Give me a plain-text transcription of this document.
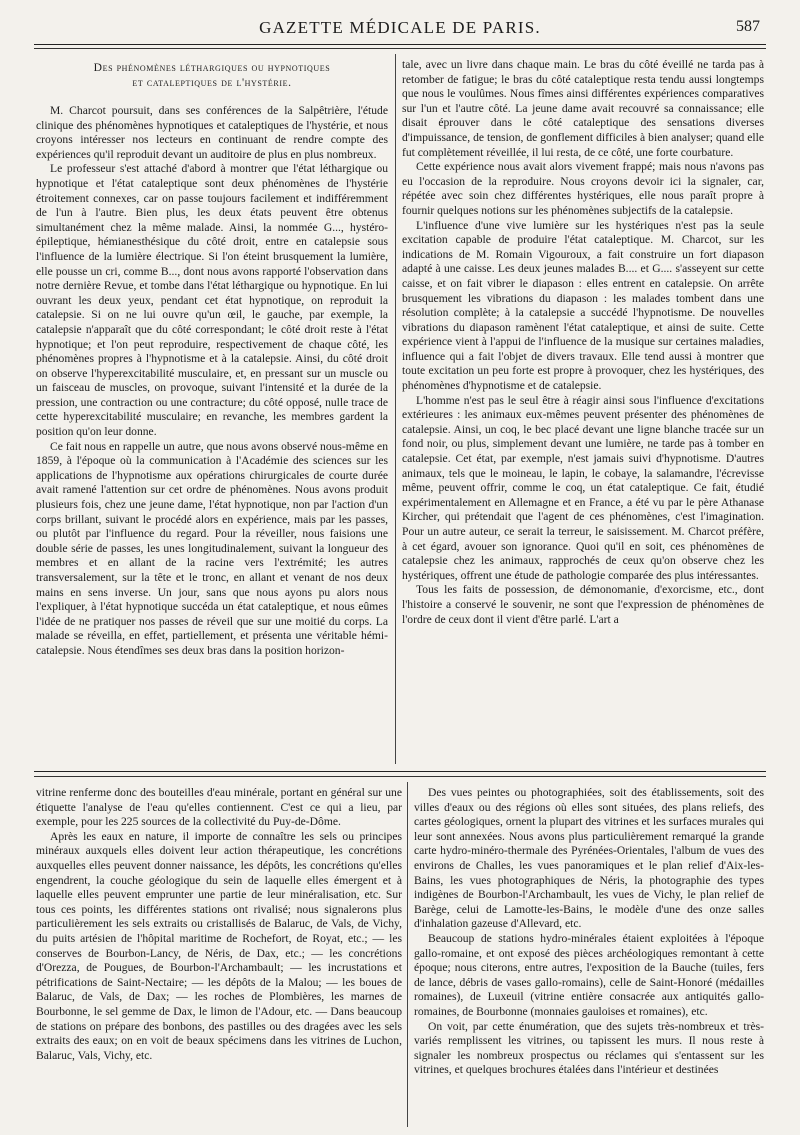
GAZETTE MÉDICALE DE PARIS.	587
Des phénomènes léthargiques ou hypnotiques
et cataleptiques de l'hystérie.

M. Charcot poursuit, dans ses conférences de la Salpêtrière, l'étude clinique des phénomènes hypnotiques et cataleptiques de l'hystérie, et nous croyons intéresser nos lecteurs en continuant de rendre compte des expériences qu'il reproduit devant un auditoire de plus en plus nombreux.

Le professeur s'est attaché d'abord à montrer que l'état léthargique ou hypnotique et l'état cataleptique sont deux phénomènes de l'hystérie étroitement connexes, car on passe toujours facilement et indifféremment de l'un à l'autre. Bien plus, les deux états peuvent être obtenus simultanément chez la même malade. Ainsi, la nommée G..., hystéro-épileptique, hémianesthésique du côté droit, entre en catalepsie sous l'influence de la lumière électrique. Si l'on éteint brusquement la lumière, elle pousse un cri, comme B..., dont nous avons rapporté l'observation dans notre dernière Revue, et tombe dans l'état léthargique ou hypnotique. En lui ouvrant les deux yeux, pendant cet état hypnotique, on reproduit la catalepsie. Si on ne lui ouvre qu'un œil, le gauche, par exemple, la catalepsie n'apparaît que du côté correspondant; le côté droit reste à l'état hypnotique; et l'on peut reproduire, respectivement de chaque côté, les phénomènes propres à l'hypnotisme et à la catalepsie. Ainsi, du côté droit on observe l'hyperexcitabilité musculaire, et, en pressant sur un muscle ou un faisceau de muscles, on provoque, suivant l'intensité et la durée de la pression, une contraction ou une contracture; du côté opposé, nulle trace de cette hyperexcitabilité musculaire; en revanche, les membres gardent la position qu'on leur donne.

Ce fait nous en rappelle un autre, que nous avons observé nous-même en 1859, à l'époque où la communication à l'Académie des sciences sur les applications de l'hypnotisme aux opérations chirurgicales de courte durée avait ramené l'attention sur cet ordre de phénomènes. Nous avons produit plusieurs fois, chez une jeune dame, l'état hypnotique, non par l'action d'un corps brillant, suivant le procédé alors en expérience, mais par les passes, ou plutôt par l'influence du regard. Pour la réveiller, nous faisions une double série de passes, les unes longitudinalement, suivant la longueur des membres et en allant de la racine vers l'extrémité; les autres transversalement, sur la tête et le tronc, en allant et venant de nos deux mains en sens inverse. Un jour, sans que nous ayons pu alors nous l'expliquer, à l'état hypnotique succéda un état cataleptique, et nous eûmes l'idée de ne pratiquer nos passes de réveil que sur une moitié du corps. La malade se réveilla, en effet, partiellement, et présenta une véritable hémi-catalepsie. Nous étendîmes ses deux bras dans la position horizon-

tale, avec un livre dans chaque main. Le bras du côté éveillé ne tarda pas à retomber de fatigue; le bras du côté cataleptique resta tendu aussi longtemps que nous le voulûmes. Nous fîmes ainsi différentes expériences comparatives sur l'un et l'autre côté. La jeune dame avait recouvré sa connaissance; elle disait éprouver dans le côté cataleptique des sensations diverses d'impuissance, de tension, de gonflement difficiles à bien analyser; quand elle fut complètement réveillée, il lui resta, de ce côté, une forte courbature.

Cette expérience nous avait alors vivement frappé; mais nous n'avons pas eu l'occasion de la reproduire. Nous croyons devoir ici la signaler, car, répétée avec soin chez différentes hystériques, elle nous paraît propre à fournir quelques notions sur les phénomènes subjectifs de la catalepsie.

L'influence d'une vive lumière sur les hystériques n'est pas la seule excitation capable de produire l'état cataleptique. M. Charcot, sur les indications de M. Romain Vigouroux, a fait construire un fort diapason adapté à une caisse. Les deux jeunes malades B.... et G.... s'asseyent sur cette caisse, et on fait vibrer le diapason : elles entrent en catalepsie. On arrête brusquement les vibrations du diapason : les malades tombent dans une résolution complète; à la catalepsie a succédé l'hypnotisme. De nouvelles vibrations du diapason ramènent l'état cataleptique, et ainsi de suite. Cette expérience vient à l'appui de l'influence de la musique sur certaines maladies, influence qui a fait l'objet de divers travaux. Elle tend aussi à montrer que toute excitation un peu forte est propre à provoquer, chez les hystériques, des phénomènes d'hypnotisme et de catalepsie.

L'homme n'est pas le seul être à réagir ainsi sous l'influence d'excitations extérieures : les animaux eux-mêmes peuvent présenter des phénomènes de catalepsie. Ainsi, un coq, le bec placé devant une ligne blanche tracée sur un fond noir, ou plus, simplement devant une lumière, ne tarde pas à tomber en catalepsie. Cet état, par exemple, n'est jamais suivi d'hypnotisme. D'autres animaux, tels que le moineau, le lapin, le cobaye, la salamandre, l'écrevisse même, peuvent offrir, comme le coq, un état cataleptique. Ce fait, étudié expérimentalement en Allemagne et en France, a été vu par le père Athanase Kircher, qui prétendait que l'agent de ces phénomènes, c'est l'imagination. Pour un autre auteur, ce serait la terreur, le saisissement. M. Charcot préfère, à cet égard, avouer son ignorance. Quoi qu'il en soit, ces phénomènes de catalepsie chez les animaux, rapprochés de ceux qu'on observe chez les hystériques, offrent une étude de pathologie comparée des plus intéressantes.

Tous les faits de possession, de démonomanie, d'exorcisme, etc., dont l'histoire a conservé le souvenir, ne sont que l'expression de phénomènes de l'ordre de ceux dont il vient d'être parlé. L'art a

vitrine renferme donc des bouteilles d'eau minérale, portant en général sur une étiquette l'analyse de l'eau qu'elles contiennent. C'est ce qui a lieu, par exemple, pour les 225 sources de la collectivité du Puy-de-Dôme.

Après les eaux en nature, il importe de connaître les sels ou principes minéraux auxquels elles doivent leur action thérapeutique, les concrétions auxquelles elles peuvent donner naissance, les dépôts, les concrétions qu'elles engendrent, la couche géologique du sein de laquelle elles émergent et à laquelle elles peuvent emprunter une partie de leur minéralisation, etc. Sur tous ces points, les différentes stations ont rivalisé; nous signalerons plus particulièrement les sels extraits ou cristallisés de Balaruc, de Vals, de Vichy, du puits artésien de l'hôpital maritime de Rochefort, de Royat, etc.; — les conserves de Bourbon-Lancy, de Néris, de Dax, etc.; — les concrétions d'Orezza, de Pougues, de Bourbon-l'Archambault; — les incrustations et pétrifications de Saint-Nectaire; — les dépôts de la Malou; — les boues de Balaruc, de Vals, de Dax; — les roches de Plombières, les marnes de Bourbonne, le sel gemme de Dax, le limon de l'Adour, etc. — Dans beaucoup de stations on prépare des bonbons, des pastilles ou des dragées avec les sels extraits des eaux; on en voit de beaux spécimens dans les vitrines de Luchon, Balaruc, Vals, Vichy, etc.

Des vues peintes ou photographiées, soit des établissements, soit des villes d'eaux ou des régions où elles sont situées, des plans reliefs, des cartes géologiques, ornent la plupart des vitrines et les surfaces murales qui leur sont annexées. Nous avons plus particulièrement remarqué la grande carte hydro-minéro-thermale des Pyrénées-Orientales, l'album de vues des environs de Challes, les vues panoramiques et le plan relief d'Aix-les-Bains, les vues photographiques de Néris, la photographie des types indigènes de Bourbon-l'Archambault, les vues de Vichy, le plan relief de Barège, celui de Lamotte-les-Bains, le modèle d'une des onze salles d'inhalation gazeuse d'Allevard, etc.

Beaucoup de stations hydro-minérales étaient exploitées à l'époque gallo-romaine, et ont exposé des pièces archéologiques remontant à cette époque; nous citerons, entre autres, l'exposition de la Bauche (tuiles, fers de lance, débris de vases gallo-romains), celle de Saint-Honoré (médailles romaines), de Luxeuil (vitrine entière consacrée aux antiquités gallo-romaines, de Bourbonne (monnaies gauloises et romaines), etc.

On voit, par cette énumération, que des sujets très-nombreux et très-variés remplissent les vitrines, ou tapissent les murs. Il nous reste à signaler les nombreux prospectus ou réclames qui s'entassent sur les vitrines, et quelques brochures étalées dans l'intérieur et destinées
